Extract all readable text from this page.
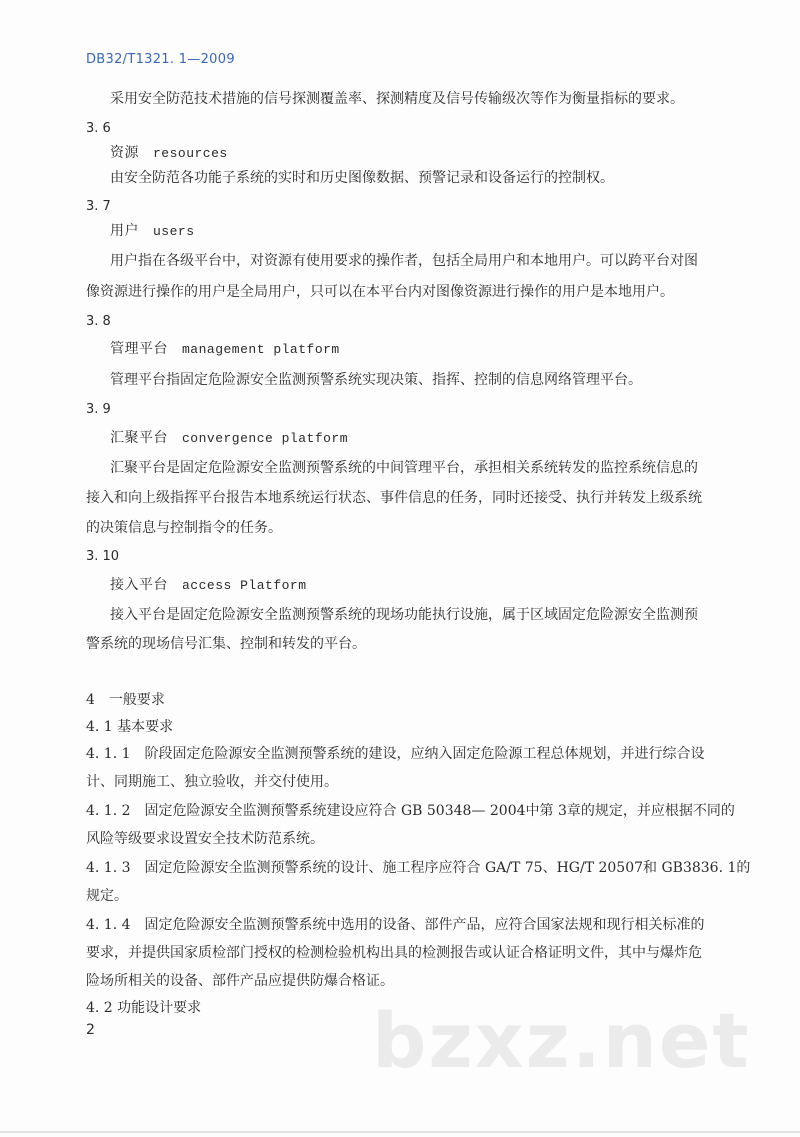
DB32/T1321. 1—2009
采用安全防范技术措施的信号探测覆盖率、探测精度及信号传输级次等作为衡量指标的要求。
3. 6
资源 resources
由安全防范各功能子系统的实时和历史图像数据、预警记录和设备运行的控制权。
3. 7
用户 users
用户指在各级平台中，对资源有使用要求的操作者，包括全局用户和本地用户。可以跨平台对图
像资源进行操作的用户是全局用户，只可以在本平台内对图像资源进行操作的用户是本地用户。
3. 8
管理平台 management platform
管理平台指固定危险源安全监测预警系统实现决策、指挥、控制的信息网络管理平台。
3. 9
汇聚平台 convergence platform
汇聚平台是固定危险源安全监测预警系统的中间管理平台，承担相关系统转发的监控系统信息的
接入和向上级指挥平台报告本地系统运行状态、事件信息的任务，同时还接受、执行并转发上级系统
的决策信息与控制指令的任务。
3. 10
接入平台 access Platform
接入平台是固定危险源安全监测预警系统的现场功能执行设施，属于区域固定危险源安全监测预
警系统的现场信号汇集、控制和转发的平台。
4　一般要求
4. 1 基本要求
4. 1. 1　阶段固定危险源安全监测预警系统的建设，应纳入固定危险源工程总体规划，并进行综合设
计、同期施工、独立验收，并交付使用。
4. 1. 2　固定危险源安全监测预警系统建设应符合 GB 50348— 2004中第 3章的规定，并应根据不同的
风险等级要求设置安全技术防范系统。
4. 1. 3　固定危险源安全监测预警系统的设计、施工程序应符合 GA/T 75、HG/T 20507和 GB3836. 1的
规定。
4. 1. 4　固定危险源安全监测预警系统中选用的设备、部件产品，应符合国家法规和现行相关标准的
要求，并提供国家质检部门授权的检测检验机构出具的检测报告或认证合格证明文件，其中与爆炸危
险场所相关的设备、部件产品应提供防爆合格证。
4. 2 功能设计要求 bzxz.net
2
